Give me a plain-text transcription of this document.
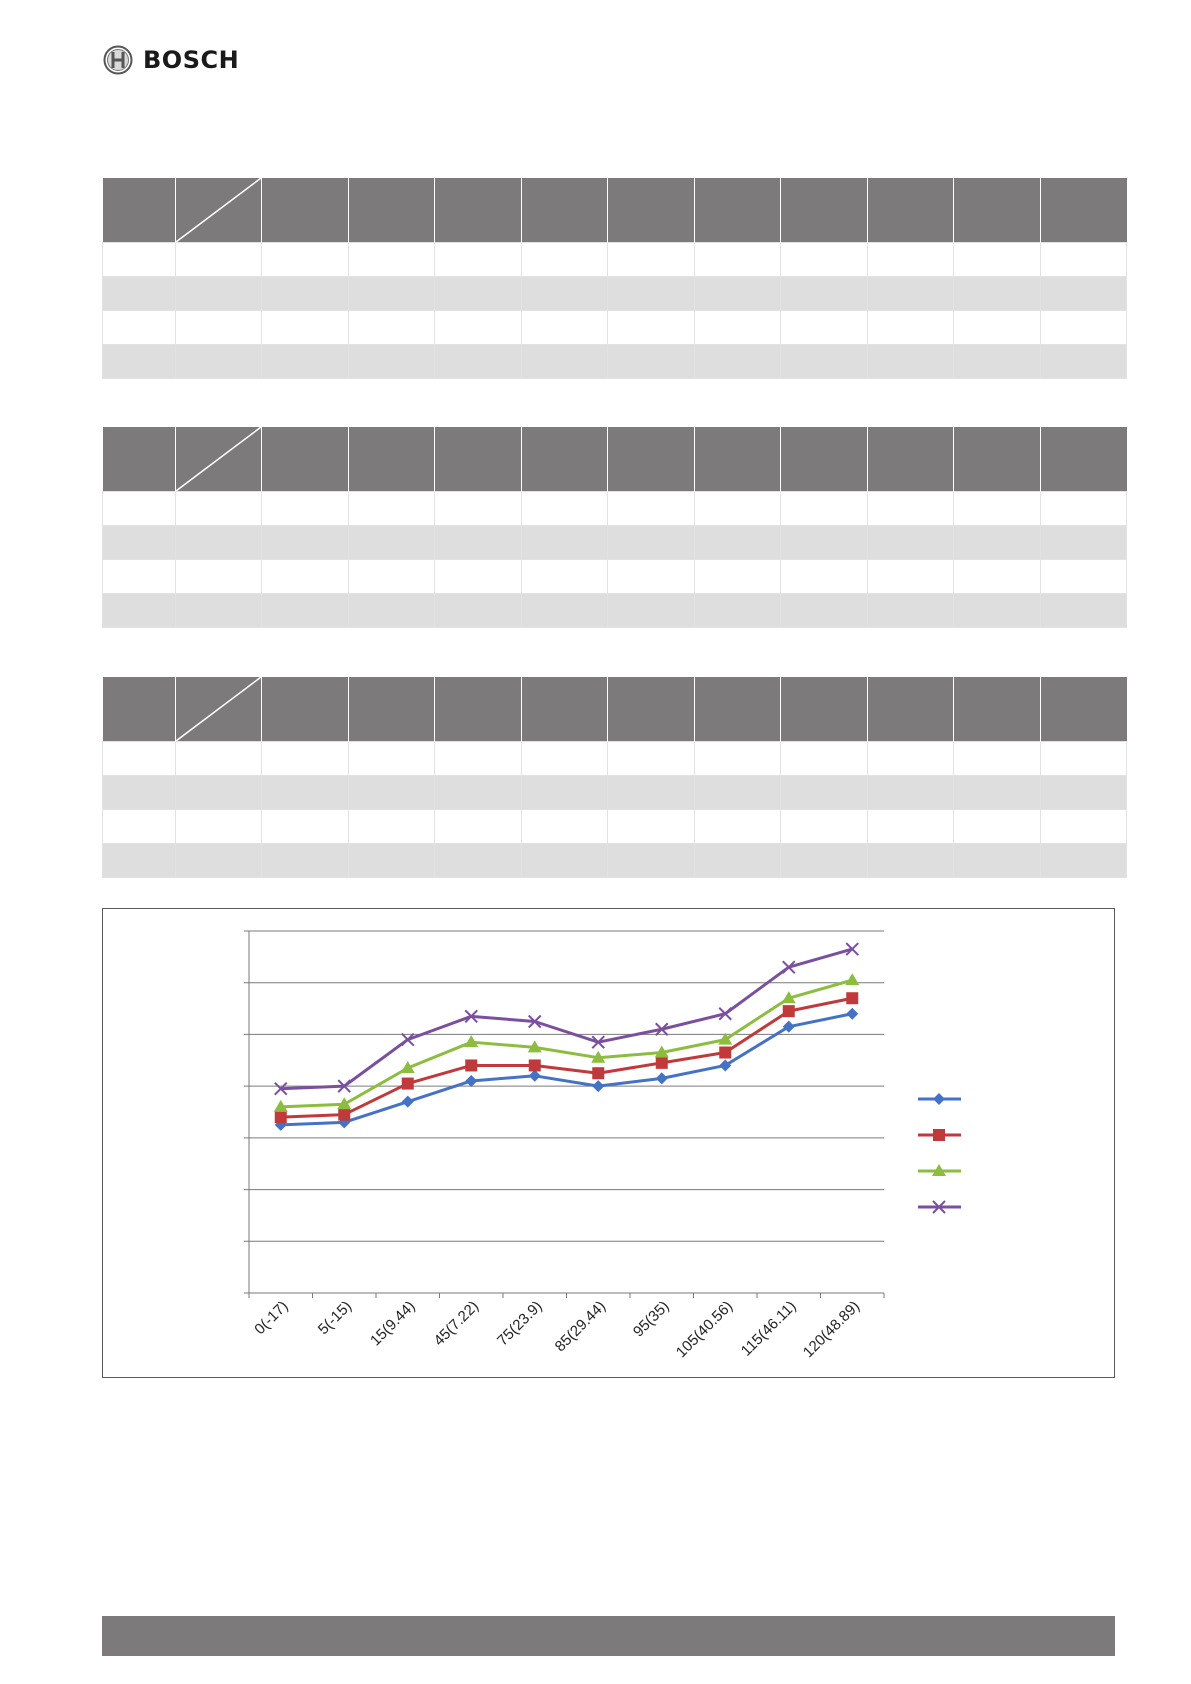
BOSCH

0(-17) 5(-15) 15(9.44) 45(7.22) 75(23.9) 85(29.44) 95(35) 105(40.56) 115(46.11) 120(48.89)
